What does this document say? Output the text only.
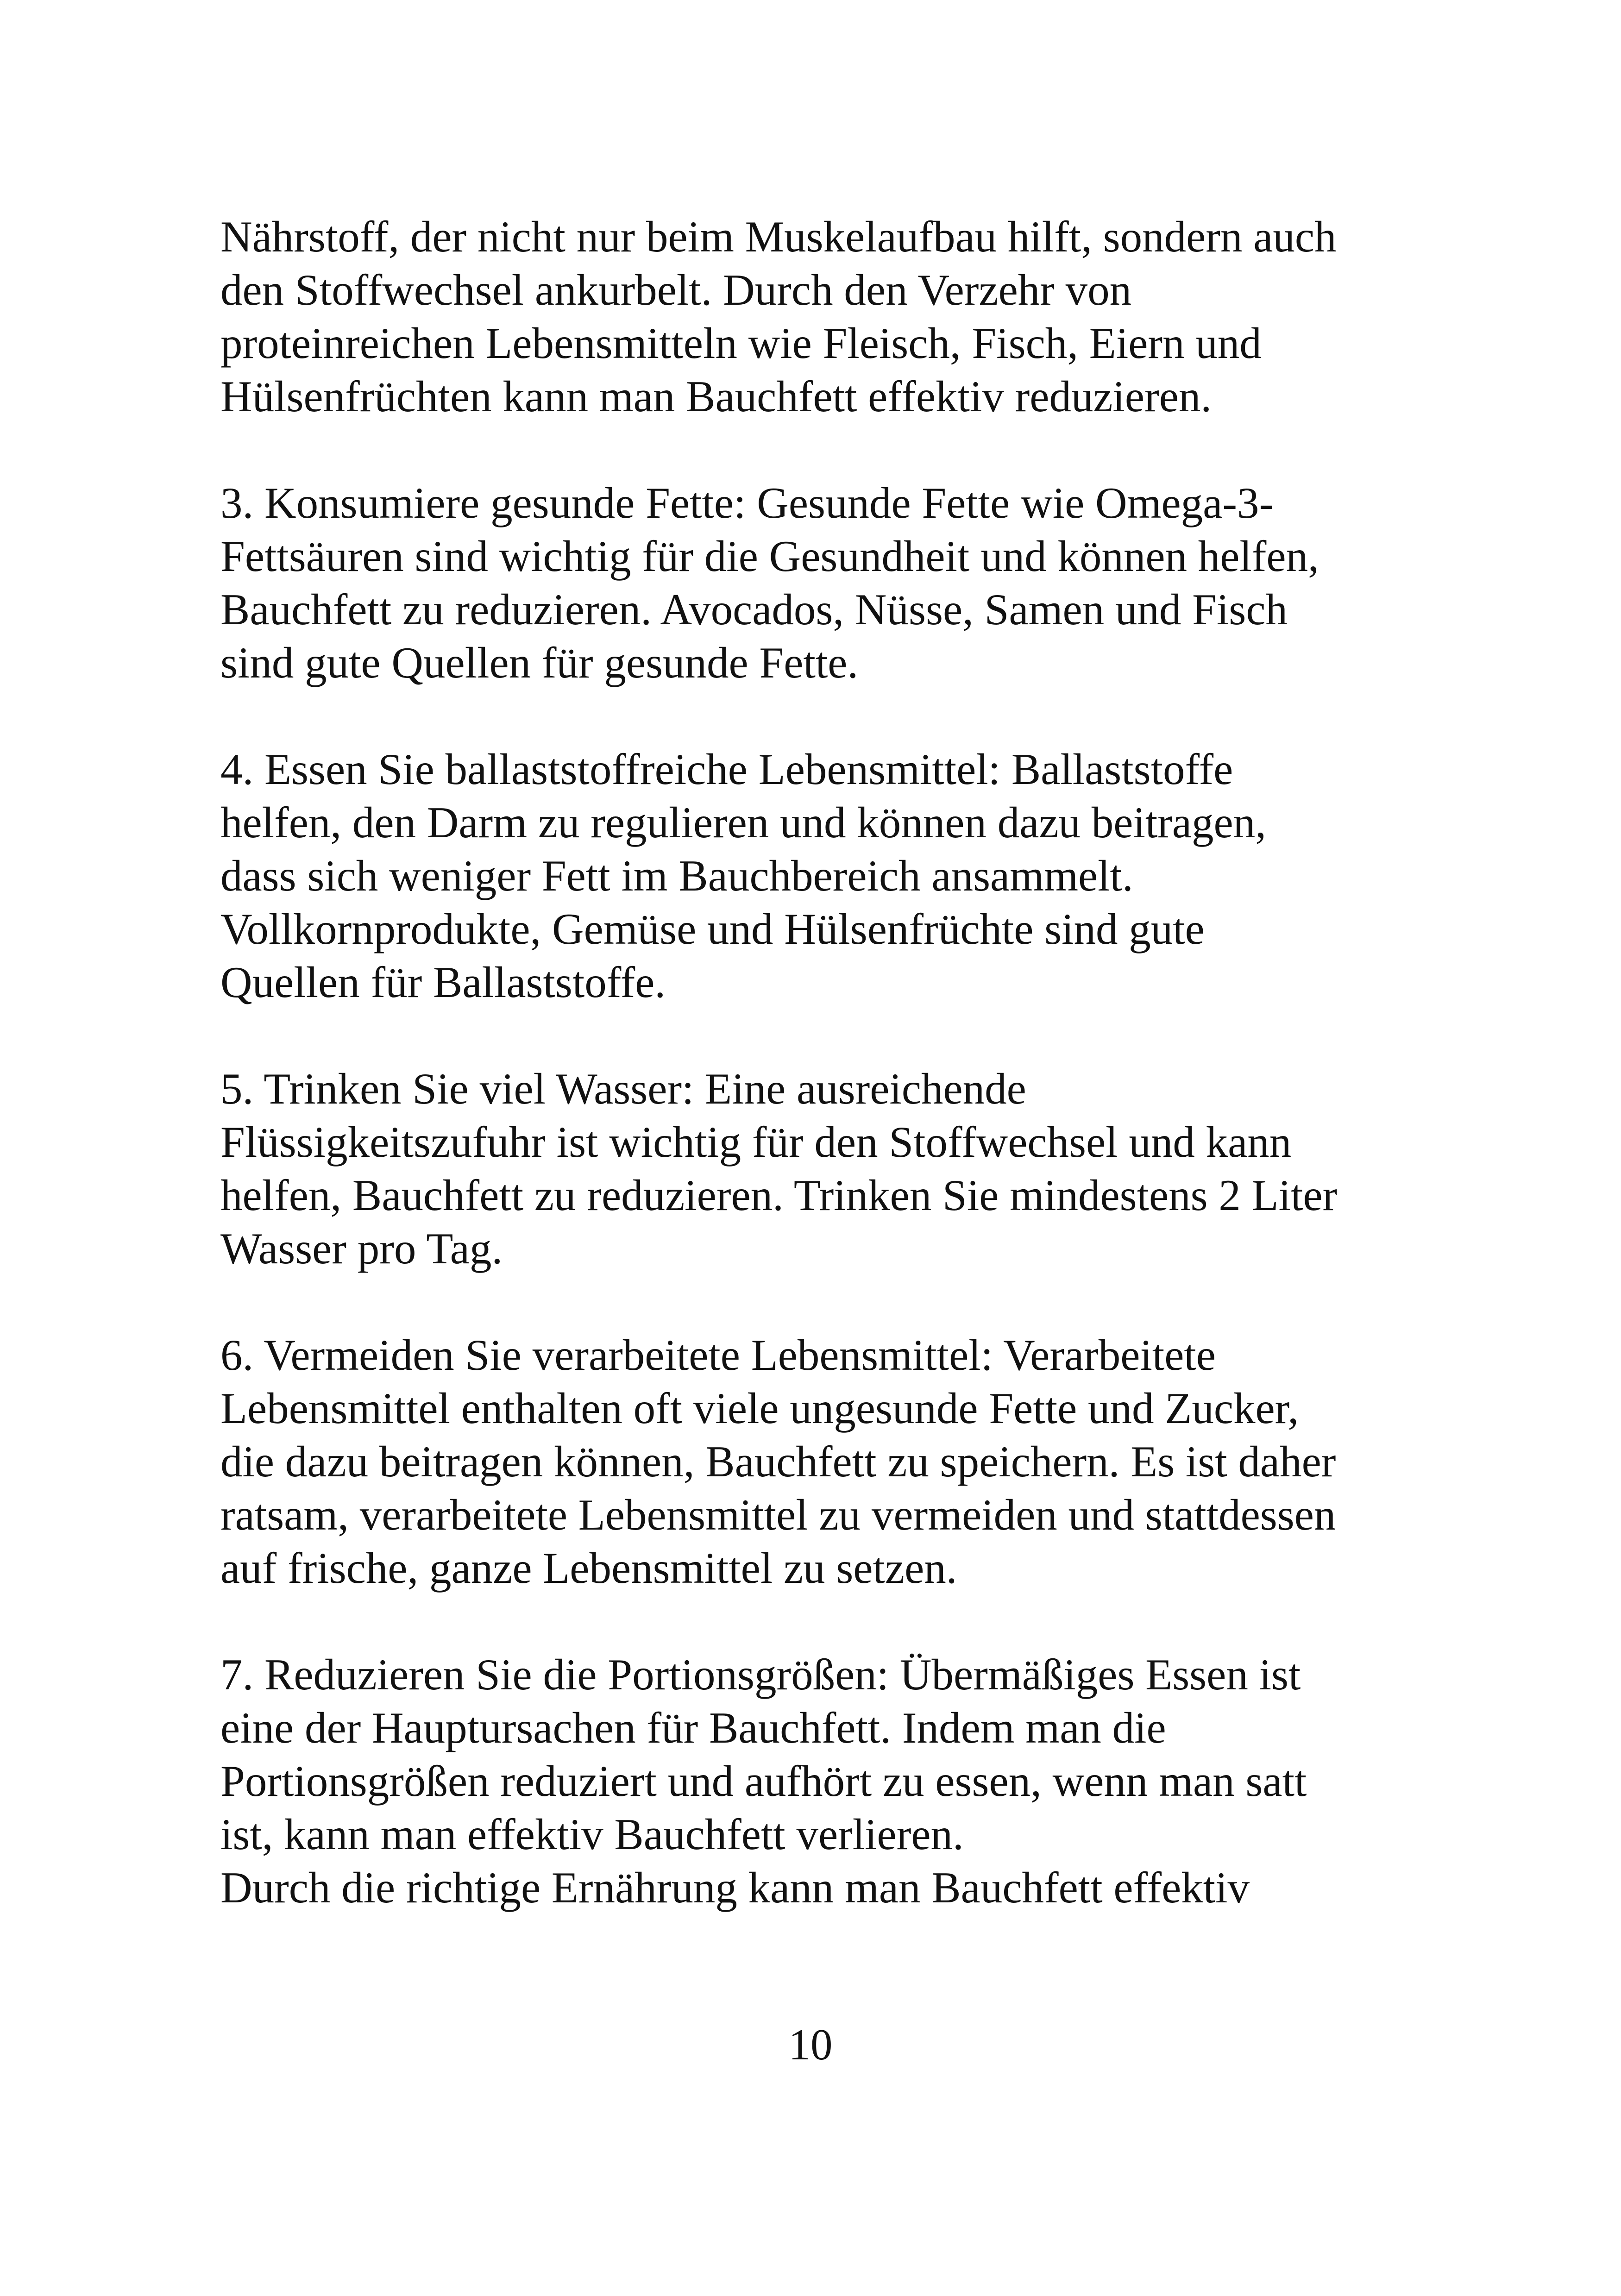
Nährstoff, der nicht nur beim Muskelaufbau hilft, sondern auch
den Stoffwechsel ankurbelt. Durch den Verzehr von
proteinreichen Lebensmitteln wie Fleisch, Fisch, Eiern und
Hülsenfrüchten kann man Bauchfett effektiv reduzieren.
3. Konsumiere gesunde Fette: Gesunde Fette wie Omega-3-
Fettsäuren sind wichtig für die Gesundheit und können helfen,
Bauchfett zu reduzieren. Avocados, Nüsse, Samen und Fisch
sind gute Quellen für gesunde Fette.
4. Essen Sie ballaststoffreiche Lebensmittel: Ballaststoffe
helfen, den Darm zu regulieren und können dazu beitragen,
dass sich weniger Fett im Bauchbereich ansammelt.
Vollkornprodukte, Gemüse und Hülsenfrüchte sind gute
Quellen für Ballaststoffe.
5. Trinken Sie viel Wasser: Eine ausreichende
Flüssigkeitszufuhr ist wichtig für den Stoffwechsel und kann
helfen, Bauchfett zu reduzieren. Trinken Sie mindestens 2 Liter
Wasser pro Tag.
6. Vermeiden Sie verarbeitete Lebensmittel: Verarbeitete
Lebensmittel enthalten oft viele ungesunde Fette und Zucker,
die dazu beitragen können, Bauchfett zu speichern. Es ist daher
ratsam, verarbeitete Lebensmittel zu vermeiden und stattdessen
auf frische, ganze Lebensmittel zu setzen.
7. Reduzieren Sie die Portionsgrößen: Übermäßiges Essen ist
eine der Hauptursachen für Bauchfett. Indem man die
Portionsgrößen reduziert und aufhört zu essen, wenn man satt
ist, kann man effektiv Bauchfett verlieren.
Durch die richtige Ernährung kann man Bauchfett effektiv
10
